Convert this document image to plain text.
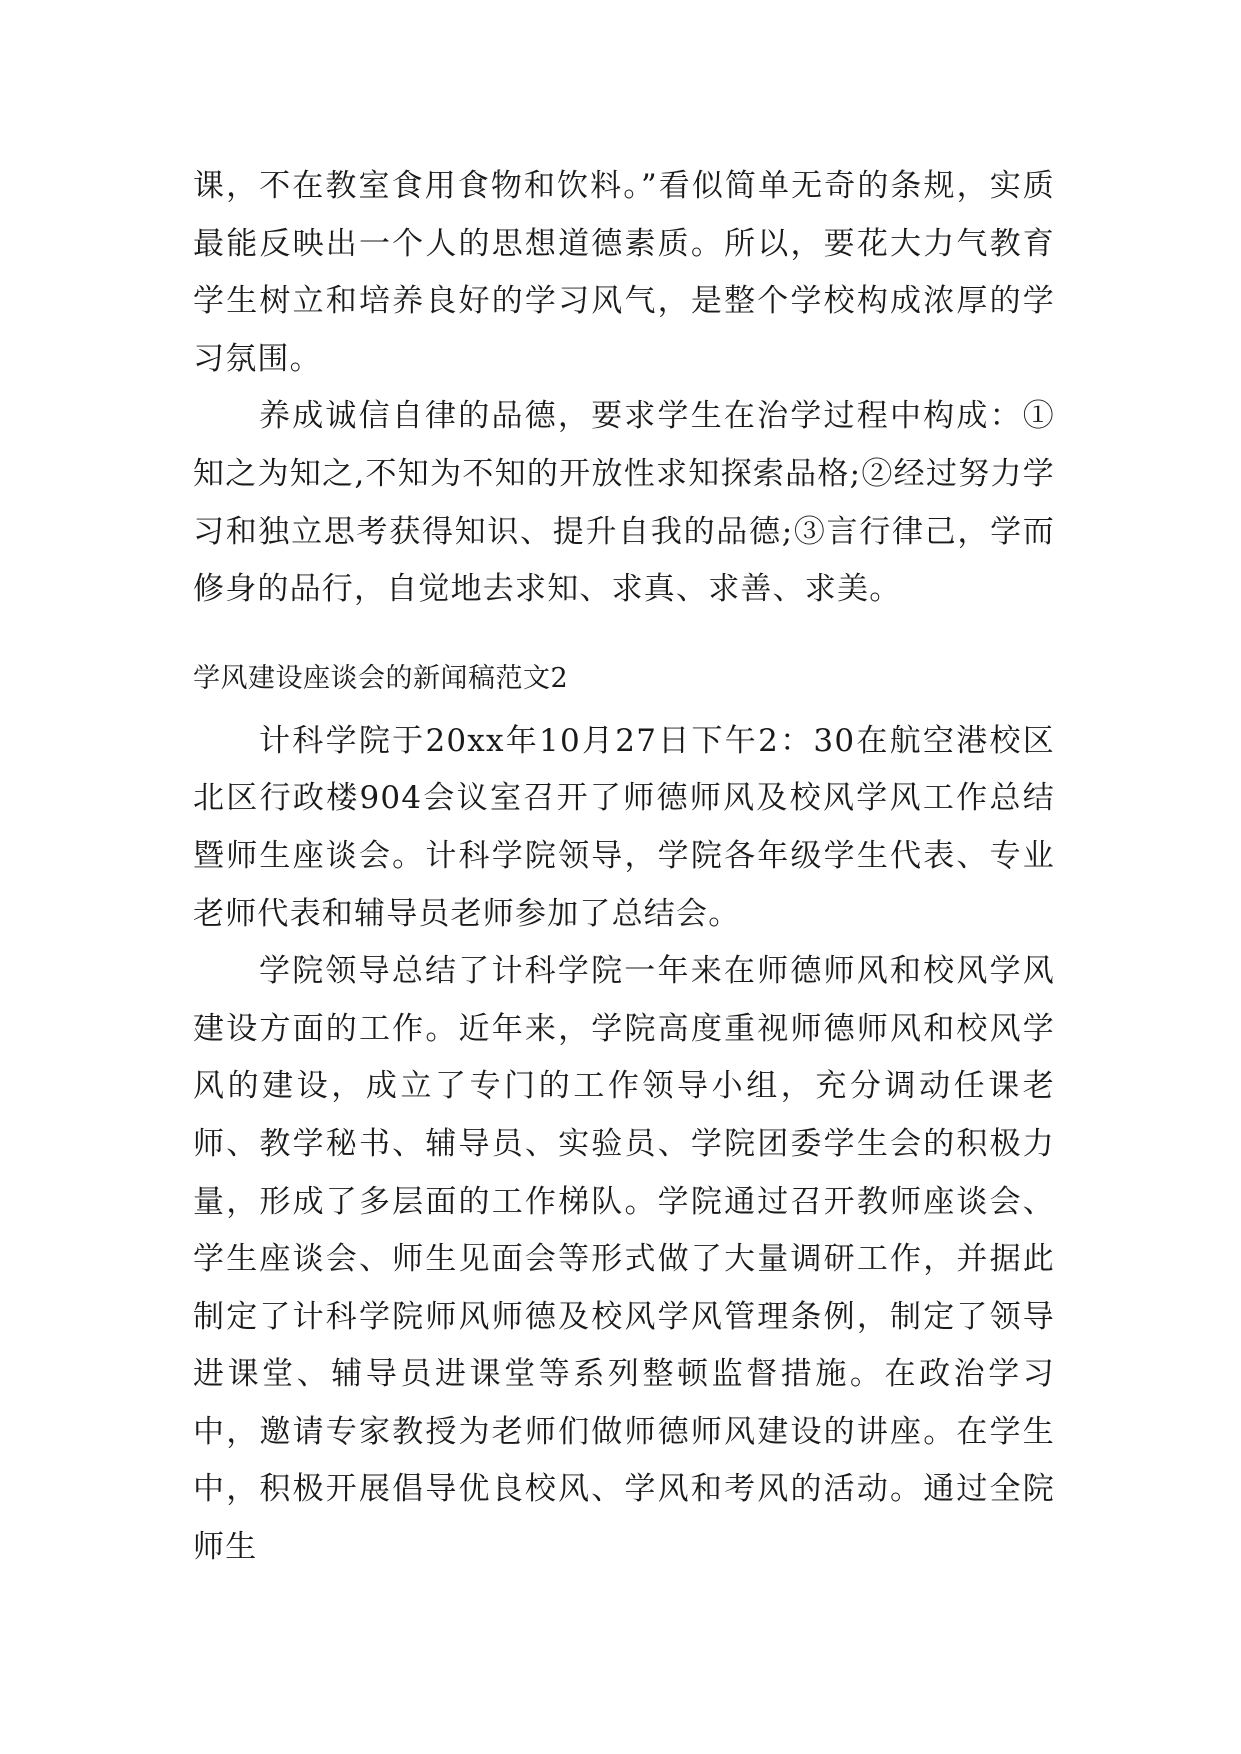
课，不在教室食用食物和饮料。”看似简单无奇的条规，实质最能反映出一个人的思想道德素质。所以，要花大力气教育学生树立和培养良好的学习风气，是整个学校构成浓厚的学习氛围。

养成诚信自律的品德，要求学生在治学过程中构成：①知之为知之,不知为不知的开放性求知探索品格;②经过努力学习和独立思考获得知识、提升自我的品德;③言行律己，学而修身的品行，自觉地去求知、求真、求善、求美。

学风建设座谈会的新闻稿范文2

计科学院于20xx年10月27日下午2：30在航空港校区北区行政楼904会议室召开了师德师风及校风学风工作总结暨师生座谈会。计科学院领导，学院各年级学生代表、专业老师代表和辅导员老师参加了总结会。

学院领导总结了计科学院一年来在师德师风和校风学风建设方面的工作。近年来，学院高度重视师德师风和校风学风的建设，成立了专门的工作领导小组，充分调动任课老师、教学秘书、辅导员、实验员、学院团委学生会的积极力量，形成了多层面的工作梯队。学院通过召开教师座谈会、学生座谈会、师生见面会等形式做了大量调研工作，并据此制定了计科学院师风师德及校风学风管理条例，制定了领导进课堂、辅导员进课堂等系列整顿监督措施。在政治学习中，邀请专家教授为老师们做师德师风建设的讲座。在学生中，积极开展倡导优良校风、学风和考风的活动。通过全院师生
